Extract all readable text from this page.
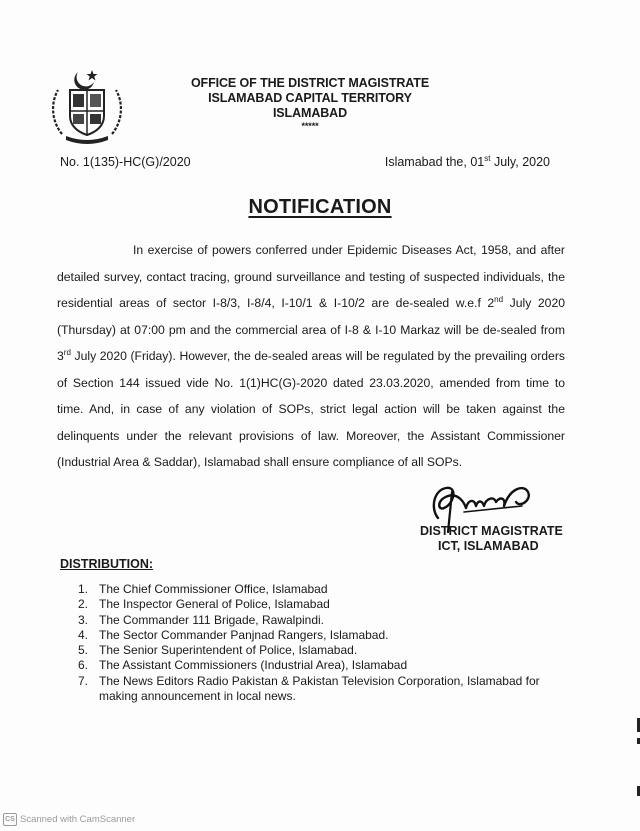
OFFICE OF THE DISTRICT MAGISTRATE
ISLAMABAD CAPITAL TERRITORY
ISLAMABAD
*****
No. 1(135)-HC(G)/2020	Islamabad the, 01st July, 2020
NOTIFICATION
In exercise of powers conferred under Epidemic Diseases Act, 1958, and after detailed survey, contact tracing, ground surveillance and testing of suspected individuals, the residential areas of sector I-8/3, I-8/4, I-10/1 & I-10/2 are de-sealed w.e.f 2nd July 2020 (Thursday) at 07:00 pm and the commercial area of I-8 & I-10 Markaz will be de-sealed from 3rd July 2020 (Friday). However, the de-sealed areas will be regulated by the prevailing orders of Section 144 issued vide No. 1(1)HC(G)-2020 dated 23.03.2020, amended from time to time. And, in case of any violation of SOPs, strict legal action will be taken against the delinquents under the relevant provisions of law. Moreover, the Assistant Commissioner (Industrial Area & Saddar), Islamabad shall ensure compliance of all SOPs.
DISTRICT MAGISTRATE
ICT, ISLAMABAD
DISTRIBUTION:
1. The Chief Commissioner Office, Islamabad
2. The Inspector General of Police, Islamabad
3. The Commander 111 Brigade, Rawalpindi.
4. The Sector Commander Panjnad Rangers, Islamabad.
5. The Senior Superintendent of Police, Islamabad.
6. The Assistant Commissioners (Industrial Area), Islamabad
7. The News Editors Radio Pakistan & Pakistan Television Corporation, Islamabad for making announcement in local news.
CS Scanned with CamScanner
